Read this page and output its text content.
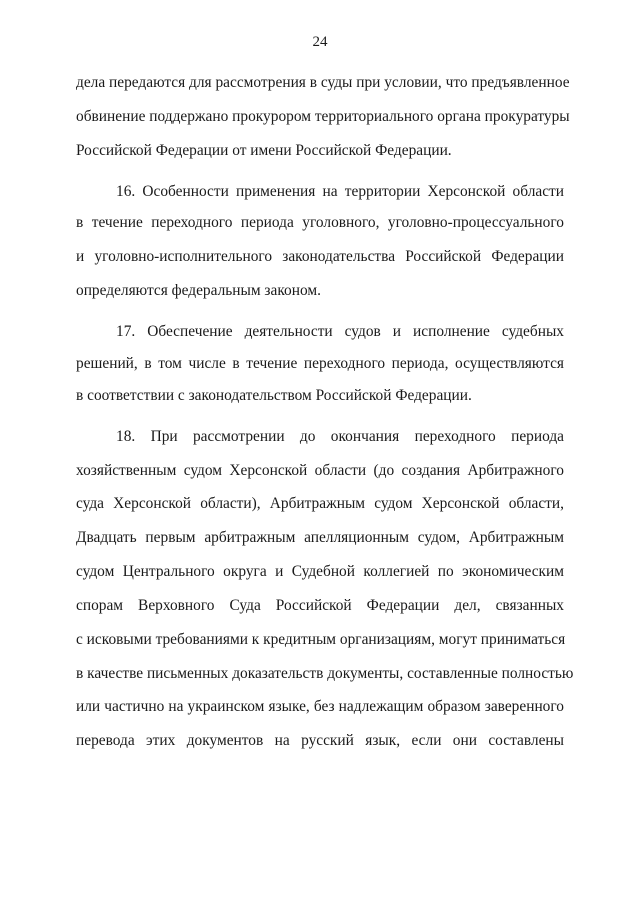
24
дела передаются для рассмотрения в суды при условии, что предъявленное
обвинение поддержано прокурором территориального органа прокуратуры
Российской Федерации от имени Российской Федерации.
16. Особенности применения на территории Херсонской области
в течение переходного периода уголовного, уголовно-процессуального
и уголовно-исполнительного законодательства Российской Федерации
определяются федеральным законом.
17. Обеспечение деятельности судов и исполнение судебных
решений, в том числе в течение переходного периода, осуществляются
в соответствии с законодательством Российской Федерации.
18. При рассмотрении до окончания переходного периода
хозяйственным судом Херсонской области (до создания Арбитражного
суда Херсонской области), Арбитражным судом Херсонской области,
Двадцать первым арбитражным апелляционным судом, Арбитражным
судом Центрального округа и Судебной коллегией по экономическим
спорам Верховного Суда Российской Федерации дел, связанных
с исковыми требованиями к кредитным организациям, могут приниматься
в качестве письменных доказательств документы, составленные полностью
или частично на украинском языке, без надлежащим образом заверенного
перевода этих документов на русский язык, если они составлены
